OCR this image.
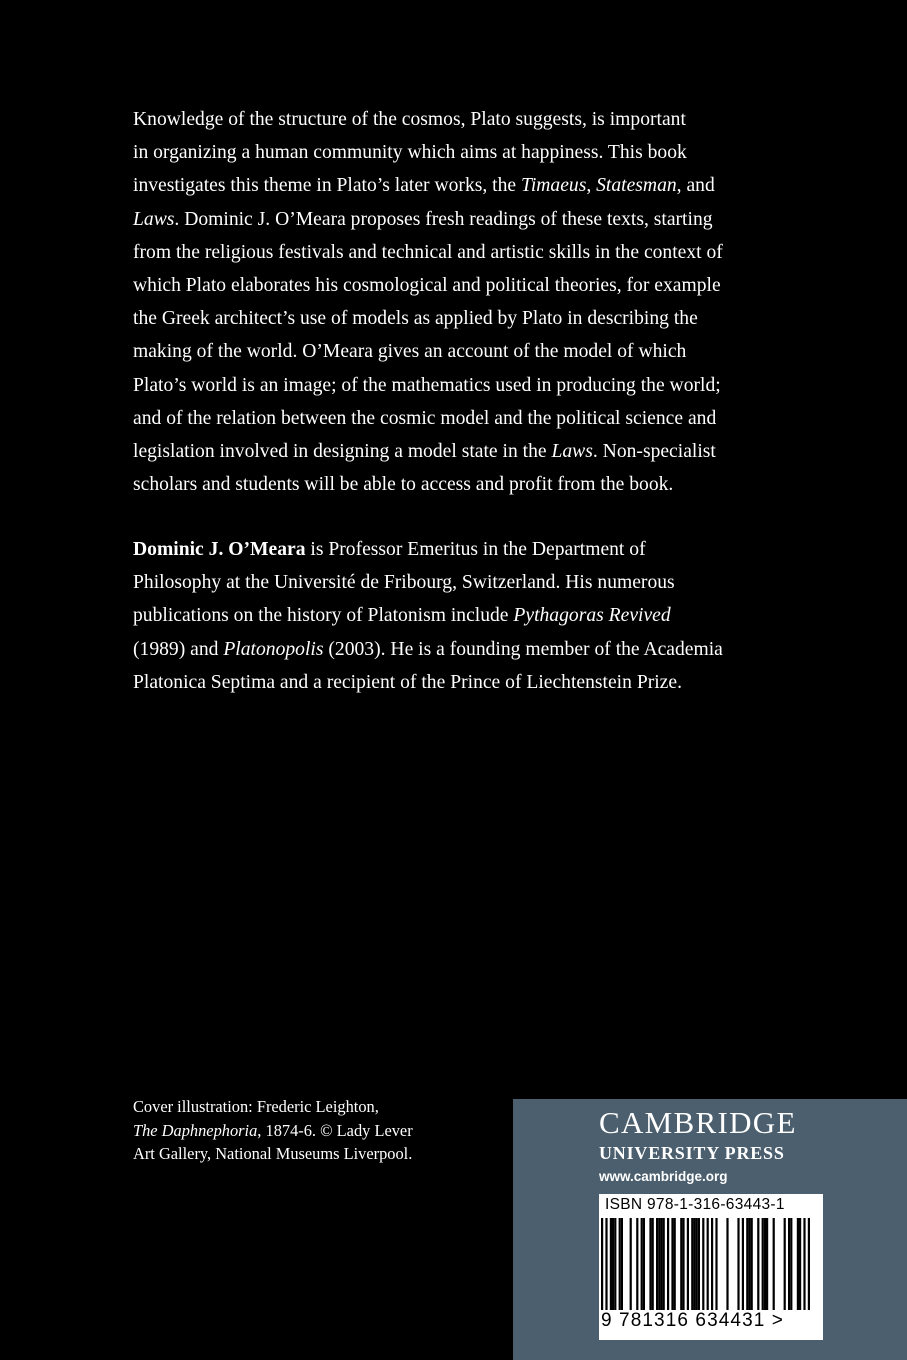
Knowledge of the structure of the cosmos, Plato suggests, is important
in organizing a human community which aims at happiness. This book
investigates this theme in Plato’s later works, the Timaeus, Statesman, and
Laws. Dominic J. O’Meara proposes fresh readings of these texts, starting
from the religious festivals and technical and artistic skills in the context of
which Plato elaborates his cosmological and political theories, for example
the Greek architect’s use of models as applied by Plato in describing the
making of the world. O’Meara gives an account of the model of which
Plato’s world is an image; of the mathematics used in producing the world;
and of the relation between the cosmic model and the political science and
legislation involved in designing a model state in the Laws. Non-specialist
scholars and students will be able to access and profit from the book.

Dominic J. O’Meara is Professor Emeritus in the Department of
Philosophy at the Université de Fribourg, Switzerland. His numerous
publications on the history of Platonism include Pythagoras Revived
(1989) and Platonopolis (2003). He is a founding member of the Academia
Platonica Septima and a recipient of the Prince of Liechtenstein Prize.

Cover illustration: Frederic Leighton,
The Daphnephoria, 1874-6. © Lady Lever
Art Gallery, National Museums Liverpool.

CAMBRIDGE
UNIVERSITY PRESS
www.cambridge.org
ISBN 978-1-316-63443-1
9 781316 634431 >
